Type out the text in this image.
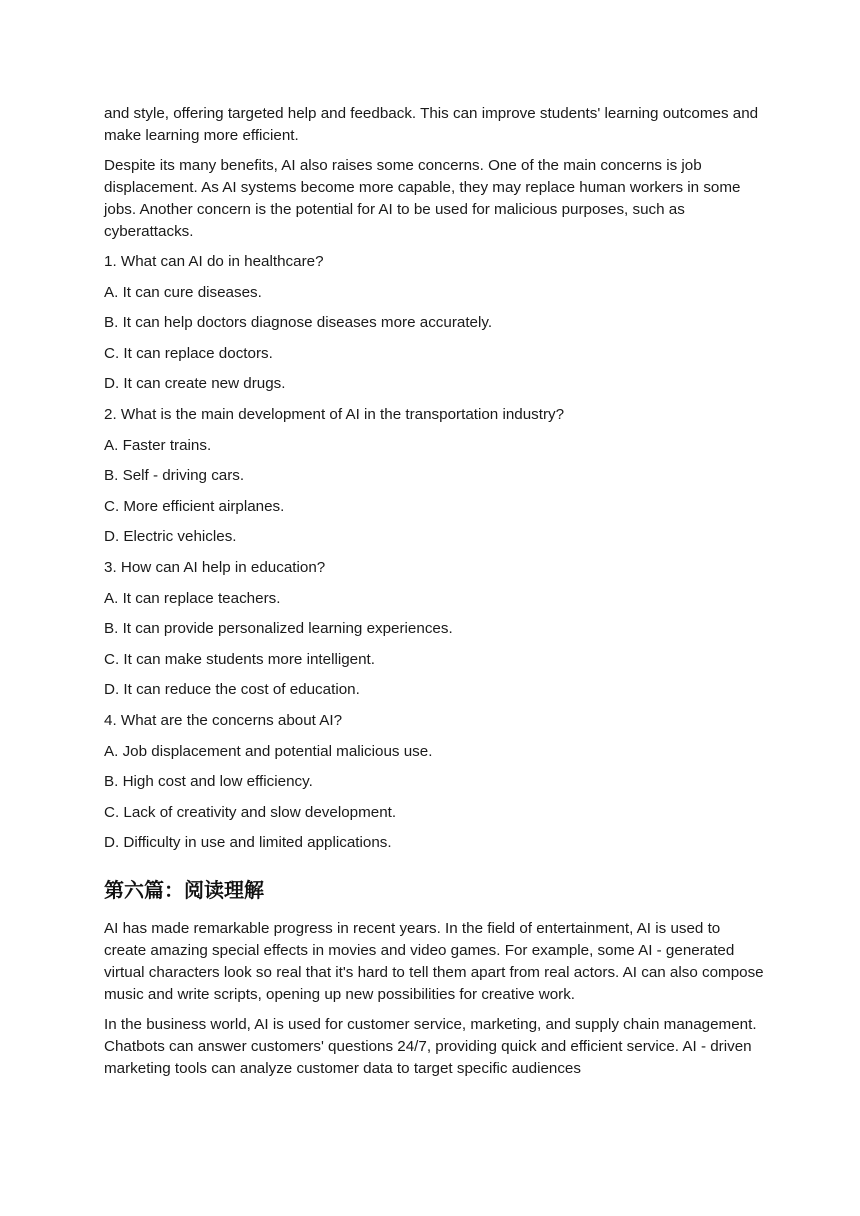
and style, offering targeted help and feedback. This can improve students' learning outcomes and make learning more efficient.

Despite its many benefits, AI also raises some concerns. One of the main concerns is job displacement. As AI systems become more capable, they may replace human workers in some jobs. Another concern is the potential for AI to be used for malicious purposes, such as cyberattacks.

1. What can AI do in healthcare?
A. It can cure diseases.
B. It can help doctors diagnose diseases more accurately.
C. It can replace doctors.
D. It can create new drugs.
2. What is the main development of AI in the transportation industry?
A. Faster trains.
B. Self - driving cars.
C. More efficient airplanes.
D. Electric vehicles.
3. How can AI help in education?
A. It can replace teachers.
B. It can provide personalized learning experiences.
C. It can make students more intelligent.
D. It can reduce the cost of education.
4. What are the concerns about AI?
A. Job displacement and potential malicious use.
B. High cost and low efficiency.
C. Lack of creativity and slow development.
D. Difficulty in use and limited applications.
第六篇：阅读理解

AI has made remarkable progress in recent years. In the field of entertainment, AI is used to create amazing special effects in movies and video games. For example, some AI - generated virtual characters look so real that it's hard to tell them apart from real actors. AI can also compose music and write scripts, opening up new possibilities for creative work.

In the business world, AI is used for customer service, marketing, and supply chain management. Chatbots can answer customers' questions 24/7, providing quick and efficient service. AI - driven marketing tools can analyze customer data to target specific audiences
